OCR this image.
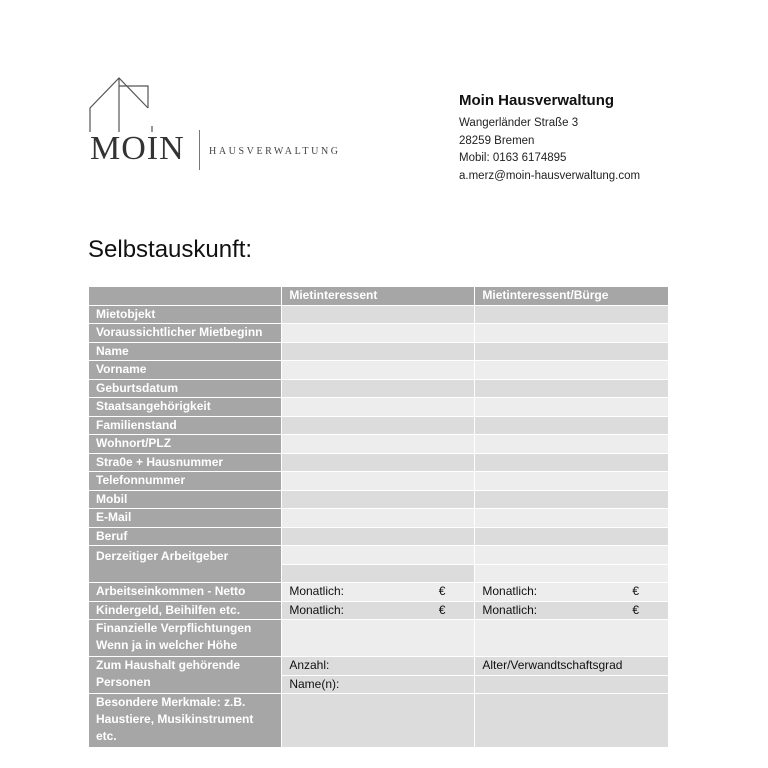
MOIN HAUSVERWALTUNG
Moin Hausverwaltung
Wangerländer Straße 3
28259 Bremen
Mobil: 0163 6174895
a.merz@moin-hausverwaltung.com
Selbstauskunft:
	Mietinteressent	Mietinteressent/Bürge
Mietobjekt		
Voraussichtlicher Mietbeginn		
Name		
Vorname		
Geburtsdatum		
Staatsangehörigkeit		
Familienstand		
Wohnort/PLZ		
Stra0e + Hausnummer		
Telefonnummer		
Mobil		
E-Mail		
Beruf		
Derzeitiger Arbeitgeber		

Arbeitseinkommen - Netto	Monatlich: €	Monatlich: €

Kindergeld, Beihilfen etc.	Monatlich: €	Monatlich: €

Finanzielle Verpflichtungen
Wenn ja in welcher Höhe		

Zum Haushalt gehörende
Personen	Anzahl:	Alter/Verwandtschaftsgrad
	Name(n):	

Besondere Merkmale: z.B.
Haustiere, Musikinstrument
etc.		
